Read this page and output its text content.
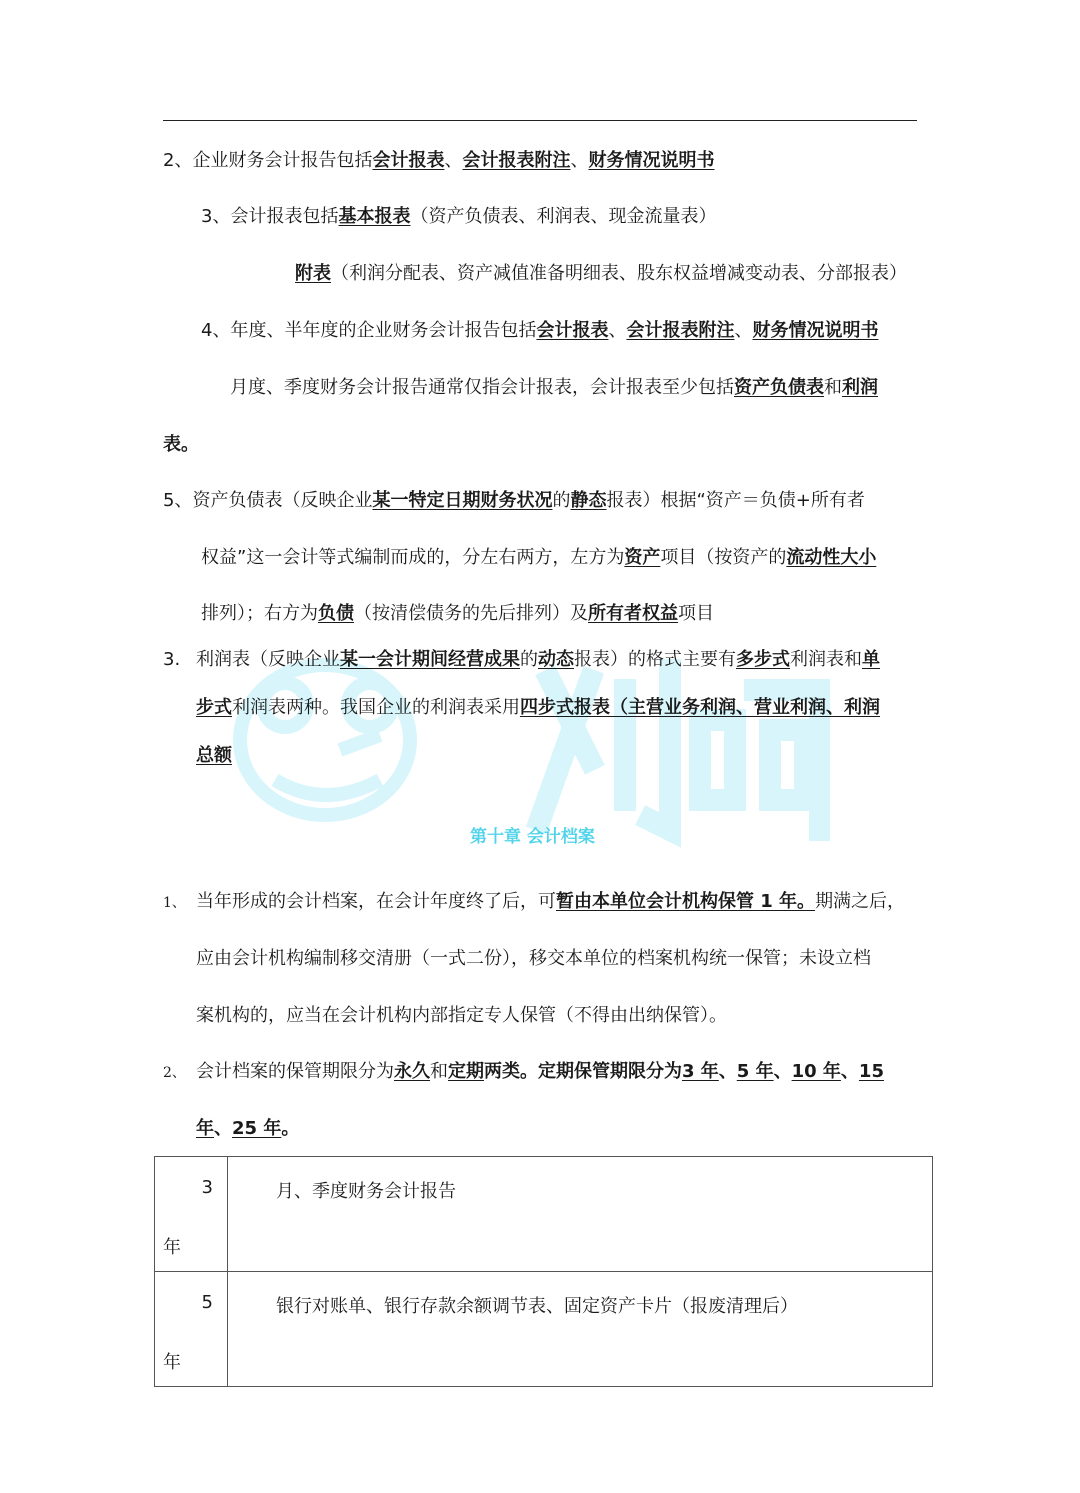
2、企业财务会计报告包括会计报表、会计报表附注、财务情况说明书
3、会计报表包括基本报表（资产负债表、利润表、现金流量表）
附表（利润分配表、资产减值准备明细表、股东权益增减变动表、分部报表）
4、年度、半年度的企业财务会计报告包括会计报表、会计报表附注、财务情况说明书
月度、季度财务会计报告通常仅指会计报表，会计报表至少包括资产负债表和利润
表。
5、资产负债表（反映企业某一特定日期财务状况的静态报表）根据“资产＝负债+所有者
权益”这一会计等式编制而成的，分左右两方，左方为资产项目（按资产的流动性大小
排列）；右方为负债（按清偿债务的先后排列）及所有者权益项目
3. 利润表（反映企业某一会计期间经营成果的动态报表）的格式主要有多步式利润表和单
步式利润表两种。我国企业的利润表采用四步式报表（主营业务利润、营业利润、利润
总额
第十章 会计档案
1、 当年形成的会计档案，在会计年度终了后，可暂由本单位会计机构保管 1 年。期满之后，
应由会计机构编制移交清册（一式二份），移交本单位的档案机构统一保管；未设立档
案机构的，应当在会计机构内部指定专人保管（不得由出纳保管）。
2、 会计档案的保管期限分为永久和定期两类。定期保管期限分为3 年、5 年、10 年、15
年、25 年。
3
年	月、季度财务会计报告

5
年	银行对账单、银行存款余额调节表、固定资产卡片（报废清理后）
